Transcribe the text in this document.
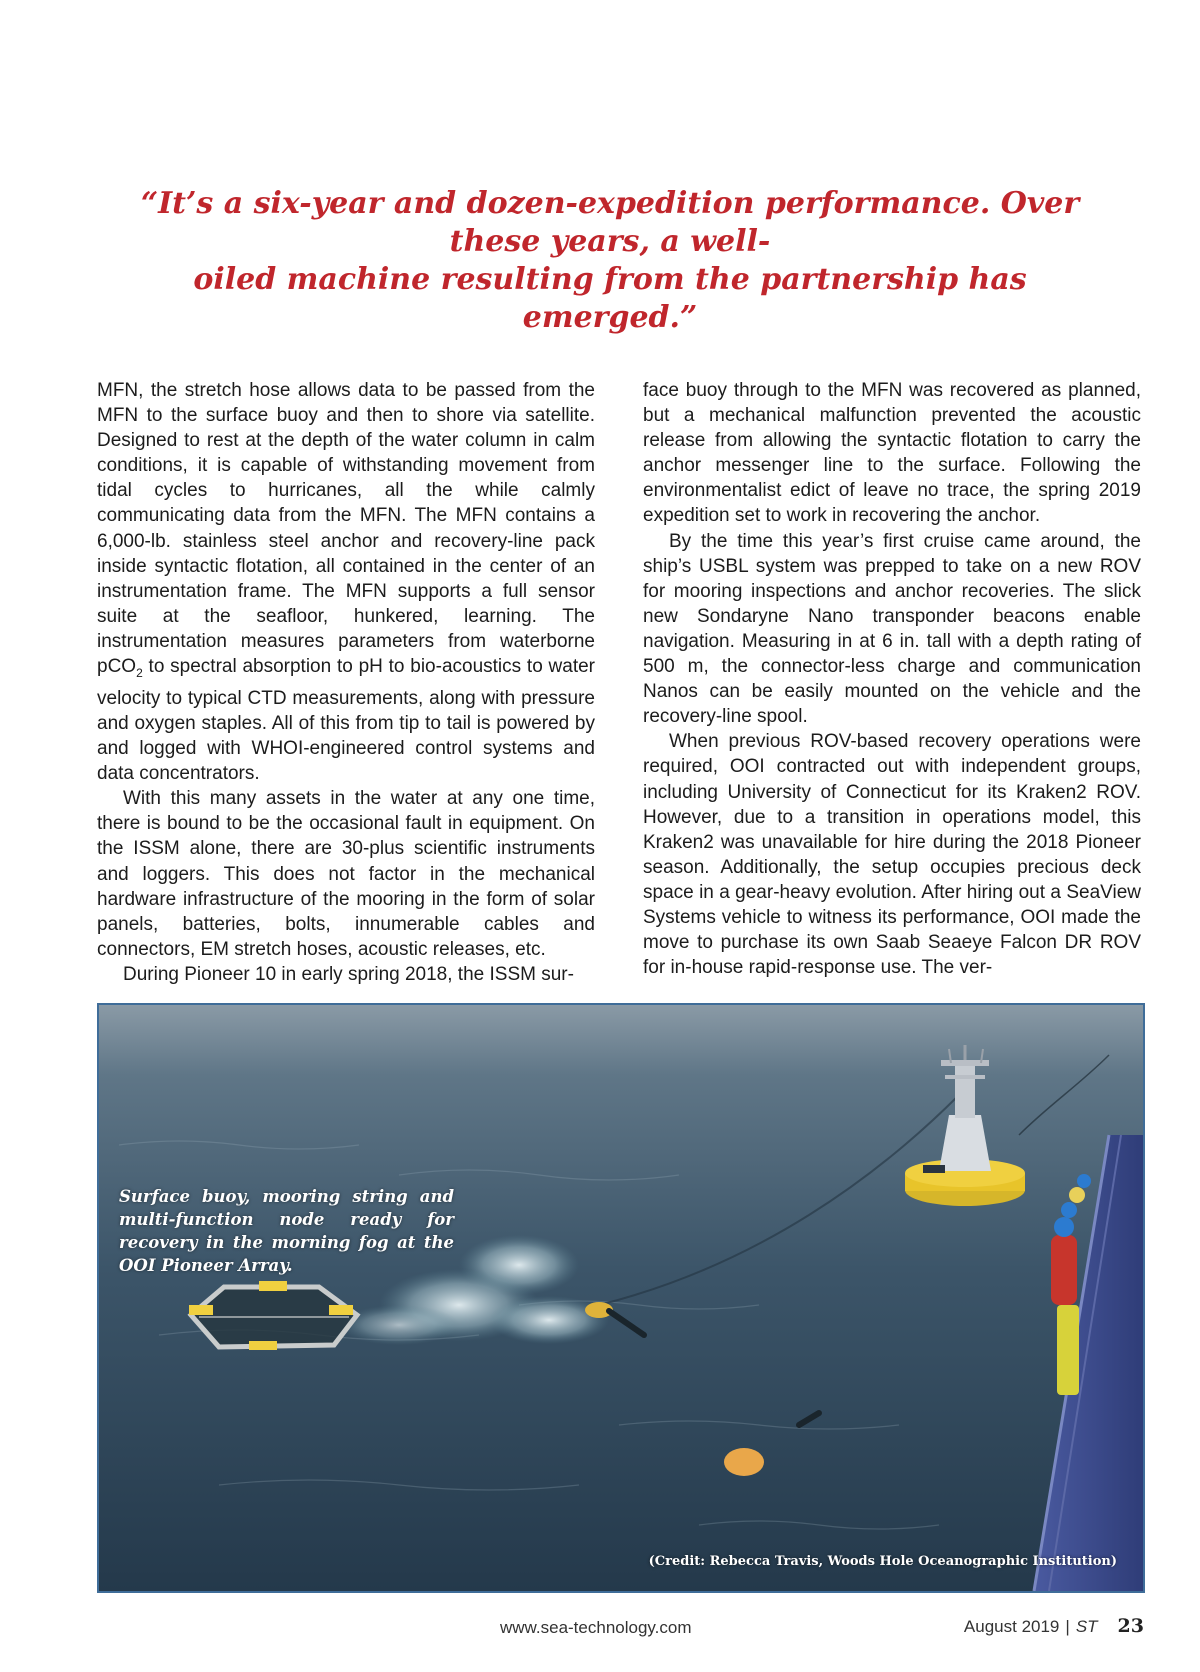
“It’s a six-year and dozen-expedition performance. Over these years, a well-
oiled machine resulting from the partnership has emerged.”

MFN, the stretch hose allows data to be passed from the MFN to the surface buoy and then to shore via satellite. Designed to rest at the depth of the water column in calm conditions, it is capable of withstanding movement from tidal cycles to hurricanes, all the while calmly communicating data from the MFN. The MFN contains a 6,000-lb. stainless steel anchor and recovery-line pack inside syntactic flotation, all contained in the center of an instrumentation frame. The MFN supports a full sensor suite at the seafloor, hunkered, learning. The instrumentation measures parameters from waterborne pCO$_2$ to spectral absorption to pH to bio-acoustics to water velocity to typical CTD measurements, along with pressure and oxygen staples. All of this from tip to tail is powered by and logged with WHOI-engineered control systems and data concentrators.

With this many assets in the water at any one time, there is bound to be the occasional fault in equipment. On the ISSM alone, there are 30-plus scientific instruments and loggers. This does not factor in the mechanical hardware infrastructure of the mooring in the form of solar panels, batteries, bolts, innumerable cables and connectors, EM stretch hoses, acoustic releases, etc.

During Pioneer 10 in early spring 2018, the ISSM sur-

face buoy through to the MFN was recovered as planned, but a mechanical malfunction prevented the acoustic release from allowing the syntactic flotation to carry the anchor messenger line to the surface. Following the environmentalist edict of leave no trace, the spring 2019 expedition set to work in recovering the anchor.

By the time this year’s first cruise came around, the ship’s USBL system was prepped to take on a new ROV for mooring inspections and anchor recoveries. The slick new Sondaryne Nano transponder beacons enable navigation. Measuring in at 6 in. tall with a depth rating of 500 m, the connector-less charge and communication Nanos can be easily mounted on the vehicle and the recovery-line spool.

When previous ROV-based recovery operations were required, OOI contracted out with independent groups, including University of Connecticut for its Kraken2 ROV. However, due to a transition in operations model, this Kraken2 was unavailable for hire during the 2018 Pioneer season. Additionally, the setup occupies precious deck space in a gear-heavy evolution. After hiring out a SeaView Systems vehicle to witness its performance, OOI made the move to purchase its own Saab Seaeye Falcon DR ROV for in-house rapid-response use. The ver-

Surface buoy, mooring string and multi-function node ready for recovery in the morning fog at the OOI Pioneer Array.
(Credit: Rebecca Travis, Woods Hole Oceanographic Institution)
www.sea-technology.com	August 2019 | ST 23
